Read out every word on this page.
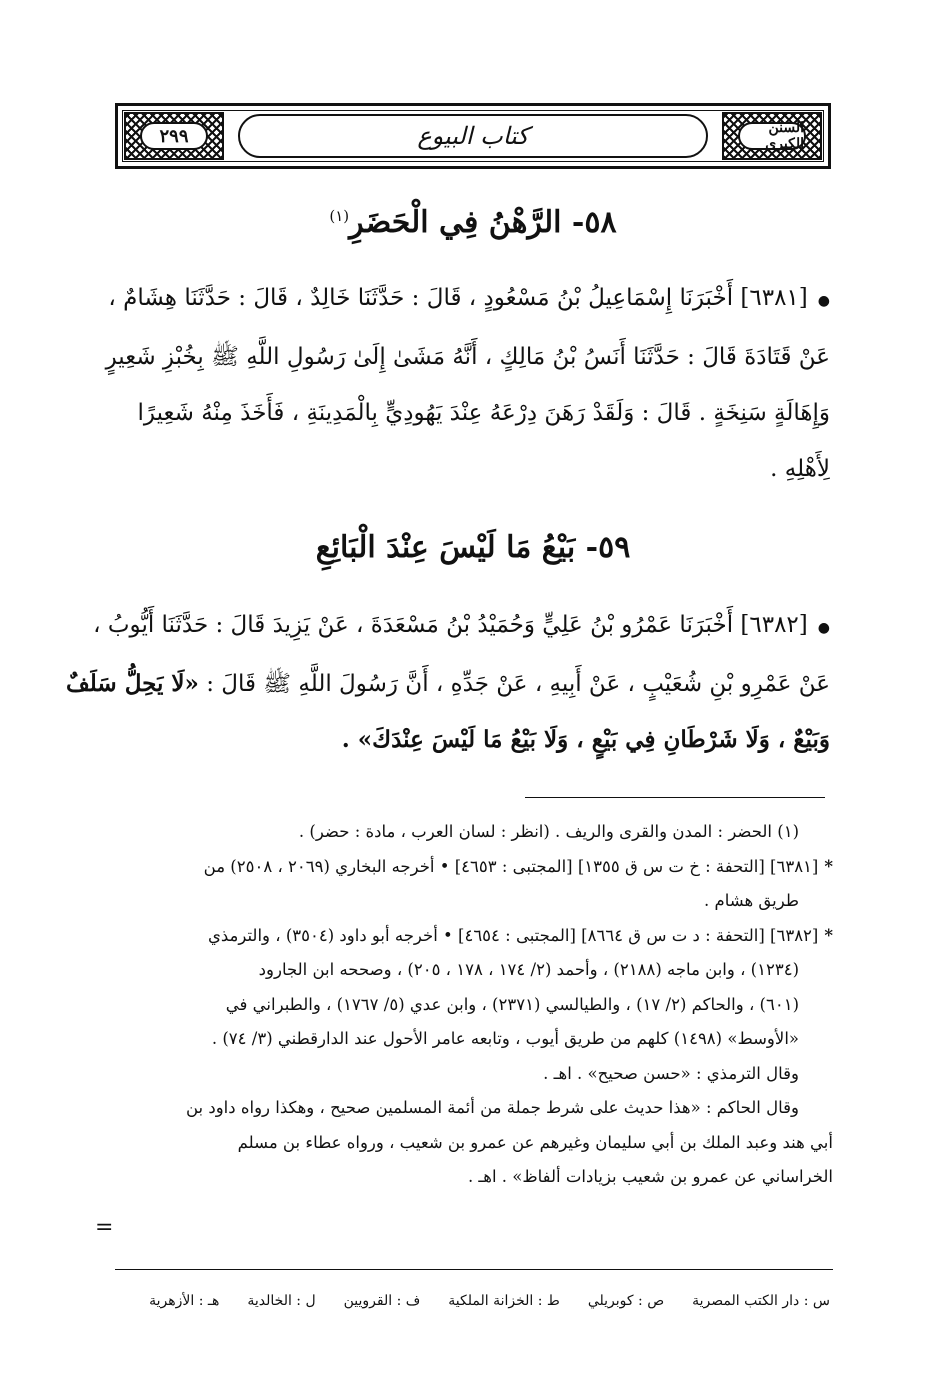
٢٩٩	كتاب البيوع	السنن الكبرى
٥٨- الرَّهْنُ فِي الْحَضَرِ$^{(١)}$
●[٦٣٨١] أَخْبَرَنَا إِسْمَاعِيلُ بْنُ مَسْعُودٍ ، قَالَ : حَدَّثَنَا خَالِدٌ ، قَالَ : حَدَّثَنَا هِشَامٌ ،
عَنْ قَتَادَةَ قَالَ : حَدَّثَنَا أَنَسُ بْنُ مَالِكٍ ، أَنَّهُ مَشَىٰ إِلَىٰ رَسُولِ اللَّهِ ﷺ بِخُبْزِ شَعِيرٍ
وَإِهَالَةٍ سَنِخَةٍ . قَالَ : وَلَقَدْ رَهَنَ دِرْعَهُ عِنْدَ يَهُودِيٍّ بِالْمَدِينَةِ ، فَأَخَذَ مِنْهُ شَعِيرًا
لِأَهْلِهِ .
٥٩- بَيْعُ مَا لَيْسَ عِنْدَ الْبَائِعِ
●[٦٣٨٢] أَخْبَرَنَا عَمْرُو بْنُ عَلِيٍّ وَحُمَيْدُ بْنُ مَسْعَدَةَ ، عَنْ يَزِيدَ قَالَ : حَدَّثَنَا أَيُّوبُ ،
عَنْ عَمْرِو بْنِ شُعَيْبٍ ، عَنْ أَبِيهِ ، عَنْ جَدِّهِ ، أَنَّ رَسُولَ اللَّهِ ﷺ قَالَ : «لَا يَحِلُّ سَلَفٌ
وَبَيْعٌ ، وَلَا شَرْطَانِ فِي بَيْعٍ ، وَلَا بَيْعُ مَا لَيْسَ عِنْدَكَ» .
(١) الحضر : المدن والقرى والريف . (انظر : لسان العرب ، مادة : حضر) .
*[٦٣٨١] [التحفة : خ ت س ق ١٣٥٥] [المجتبى : ٤٦٥٣] • أخرجه البخاري (٢٠٦٩ ، ٢٥٠٨) من
طريق هشام .
*[٦٣٨٢] [التحفة : د ت س ق ٨٦٦٤] [المجتبى : ٤٦٥٤] • أخرجه أبو داود (٣٥٠٤) ، والترمذي
(١٢٣٤) ، وابن ماجه (٢١٨٨) ، وأحمد (٢/ ١٧٤ ، ١٧٨ ، ٢٠٥) ، وصححه ابن الجارود
(٦٠١) ، والحاكم (٢/ ١٧) ، والطيالسي (٢٣٧١) ، وابن عدي (٥/ ١٧٦٧) ، والطبراني في
«الأوسط» (١٤٩٨) كلهم من طريق أيوب ، وتابعه عامر الأحول عند الدارقطني (٣/ ٧٤) .
وقال الترمذي : «حسن صحيح» . اهـ .
وقال الحاكم : «هذا حديث على شرط جملة من أئمة المسلمين صحيح ، وهكذا رواه داود بن
أبي هند وعبد الملك بن أبي سليمان وغيرهم عن عمرو بن شعيب ، ورواه عطاء بن مسلم
الخراساني عن عمرو بن شعيب بزيادات ألفاظ» . اهـ .
=
س : دار الكتب المصرية
ص : كوبريلي
ط : الخزانة الملكية
ف : القرويين
ل : الخالدية
هـ : الأزهرية
